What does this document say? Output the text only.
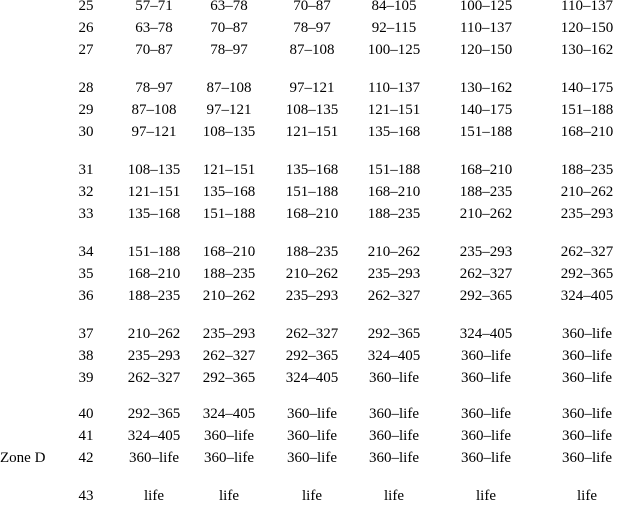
25	57–71	63–78	70–87	84–105	100–125	110–137
26	63–78	70–87	78–97	92–115	110–137	120–150
27	70–87	78–97	87–108 100–125	120–150	130–162
28	78–97 87–108	97–121 110–137	130–162	140–175
29	87–108 97–121 108–135 121–151	140–175	151–188
30	97–121 108–135 121–151 135–168	151–188	168–210
31 108–135 121–151 135–168 151–188	168–210	188–235
32 121–151 135–168 151–188 168–210	188–235	210–262
33 135–168 151–188 168–210 188–235	210–262	235–293
34 151–188 168–210 188–235 210–262	235–293	262–327
35 168–210 188–235 210–262 235–293	262–327	292–365
36 188–235 210–262 235–293 262–327	292–365	324–405
37 210–262 235–293 262–327 292–365	324–405	360–life
38 235–293 262–327 292–365 324–405	360–life	360–life
39 262–327 292–365 324–405 360–life	360–life	360–life
40 292–365 324–405 360–life 360–life	360–life	360–life
41 324–405 360–life 360–life 360–life	360–life	360–life
Zone D 42 360–life 360–life 360–life 360–life	360–life	360–life
43	life	life	life	life	life	life
